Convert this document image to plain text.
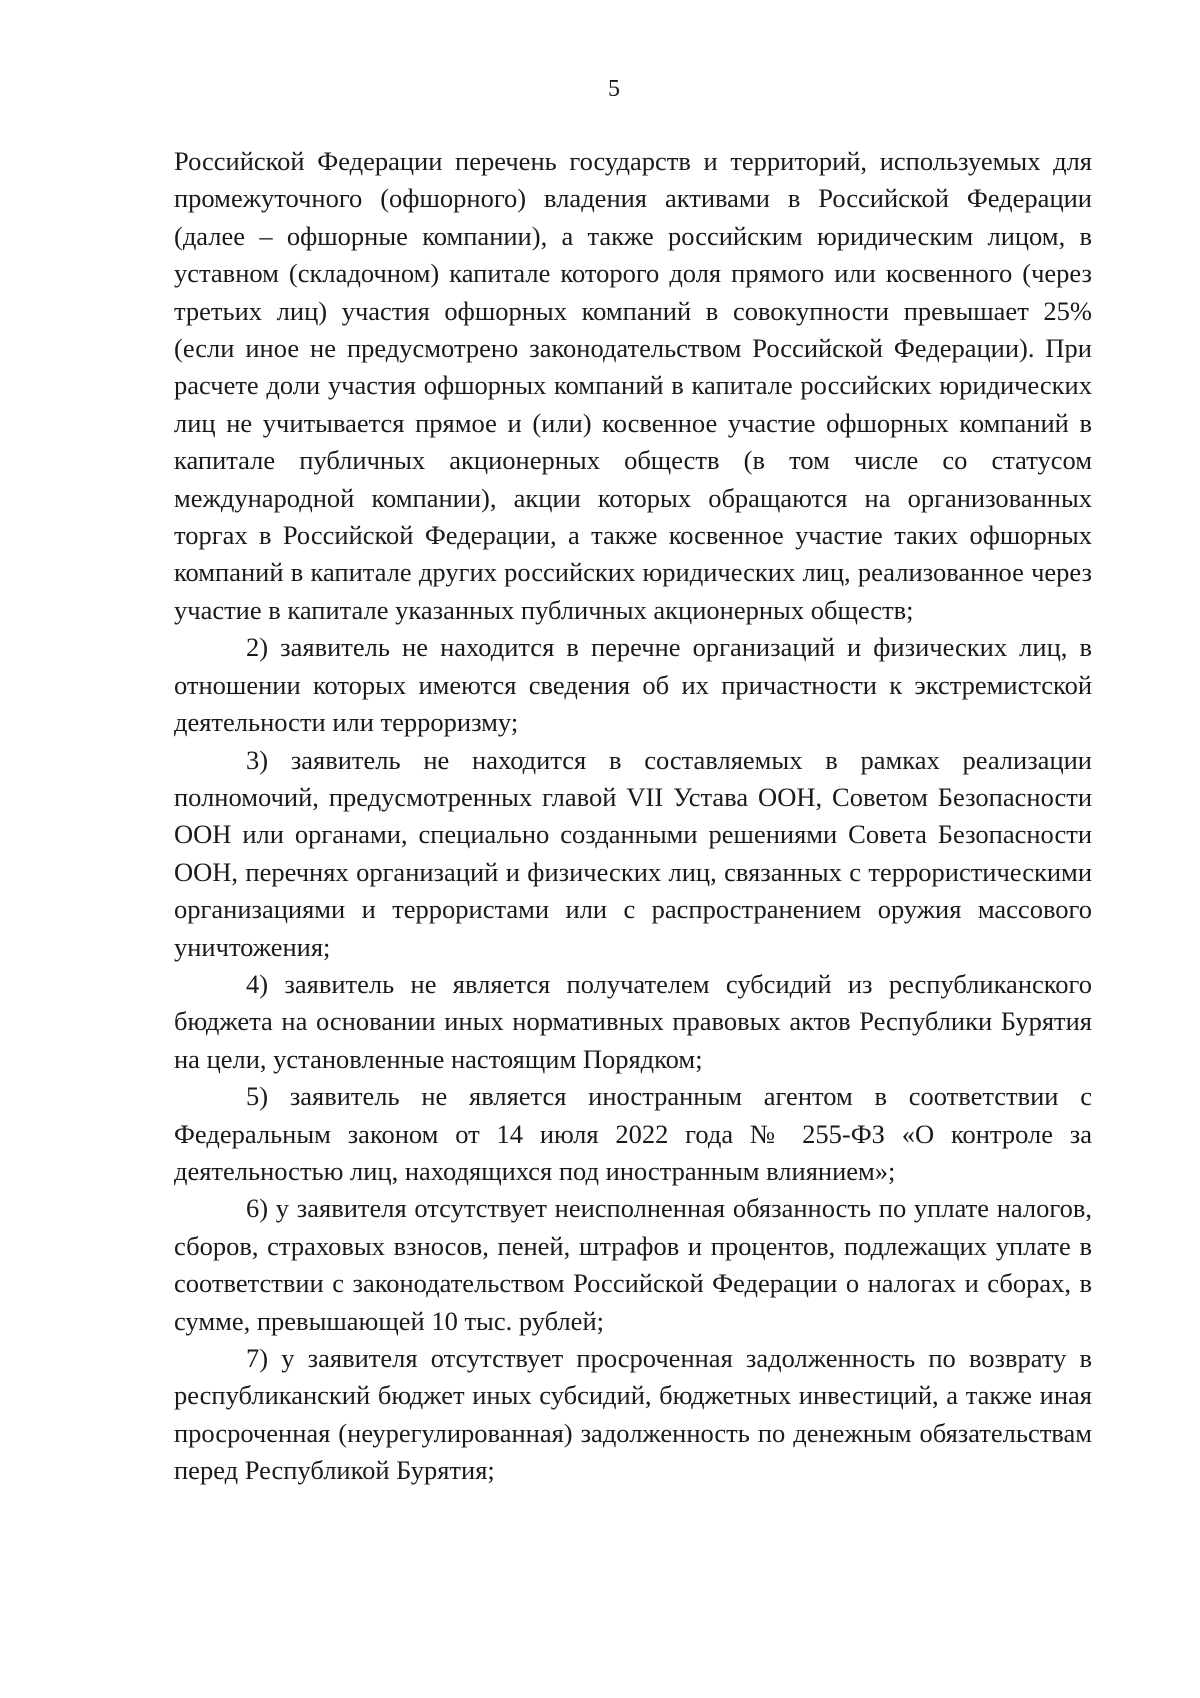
5

Российской Федерации перечень государств и территорий, используемых для промежуточного (офшорного) владения активами в Российской Федерации (далее – офшорные компании), а также российским юридическим лицом, в уставном (складочном) капитале которого доля прямого или косвенного (через третьих лиц) участия офшорных компаний в совокупности превышает 25% (если иное не предусмотрено законодательством Российской Федерации). При расчете доли участия офшорных компаний в капитале российских юридических лиц не учитывается прямое и (или) косвенное участие офшорных компаний в капитале публичных акционерных обществ (в том числе со статусом международной компании), акции которых обращаются на организованных торгах в Российской Федерации, а также косвенное участие таких офшорных компаний в капитале других российских юридических лиц, реализованное через участие в капитале указанных публичных акционерных обществ;

2) заявитель не находится в перечне организаций и физических лиц, в отношении которых имеются сведения об их причастности к экстремистской деятельности или терроризму;

3) заявитель не находится в составляемых в рамках реализации полномочий, предусмотренных главой VII Устава ООН, Советом Безопасности ООН или органами, специально созданными решениями Совета Безопасности ООН, перечнях организаций и физических лиц, связанных с террористическими организациями и террористами или с распространением оружия массового уничтожения;

4) заявитель не является получателем субсидий из республиканского бюджета на основании иных нормативных правовых актов Республики Бурятия на цели, установленные настоящим Порядком;

5) заявитель не является иностранным агентом в соответствии с Федеральным законом от 14 июля 2022 года № 255-ФЗ «О контроле за деятельностью лиц, находящихся под иностранным влиянием»;

6) у заявителя отсутствует неисполненная обязанность по уплате налогов, сборов, страховых взносов, пеней, штрафов и процентов, подлежащих уплате в соответствии с законодательством Российской Федерации о налогах и сборах, в сумме, превышающей 10 тыс. рублей;

7) у заявителя отсутствует просроченная задолженность по возврату в республиканский бюджет иных субсидий, бюджетных инвестиций, а также иная просроченная (неурегулированная) задолженность по денежным обязательствам перед Республикой Бурятия;
